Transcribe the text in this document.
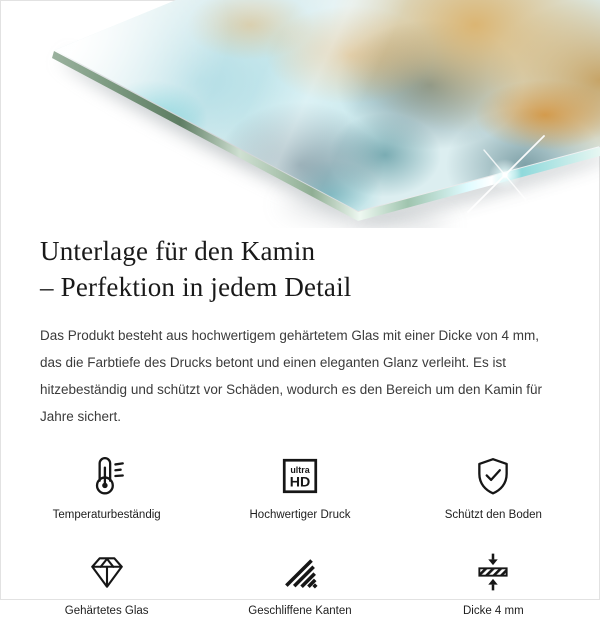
Unterlage für den Kamin
– Perfektion in jedem Detail

Das Produkt besteht aus hochwertigem gehärtetem Glas mit einer Dicke von 4 mm, das die Farbtiefe des Drucks betont und einen eleganten Glanz verleiht. Es ist hitzebeständig und schützt vor Schäden, wodurch es den Bereich um den Kamin für Jahre sichert.

Temperaturbeständig
ultra
HD
Hochwertiger Druck	Schützt den Boden
Gehärtetes Glas	Geschliffene Kanten	Dicke 4 mm
